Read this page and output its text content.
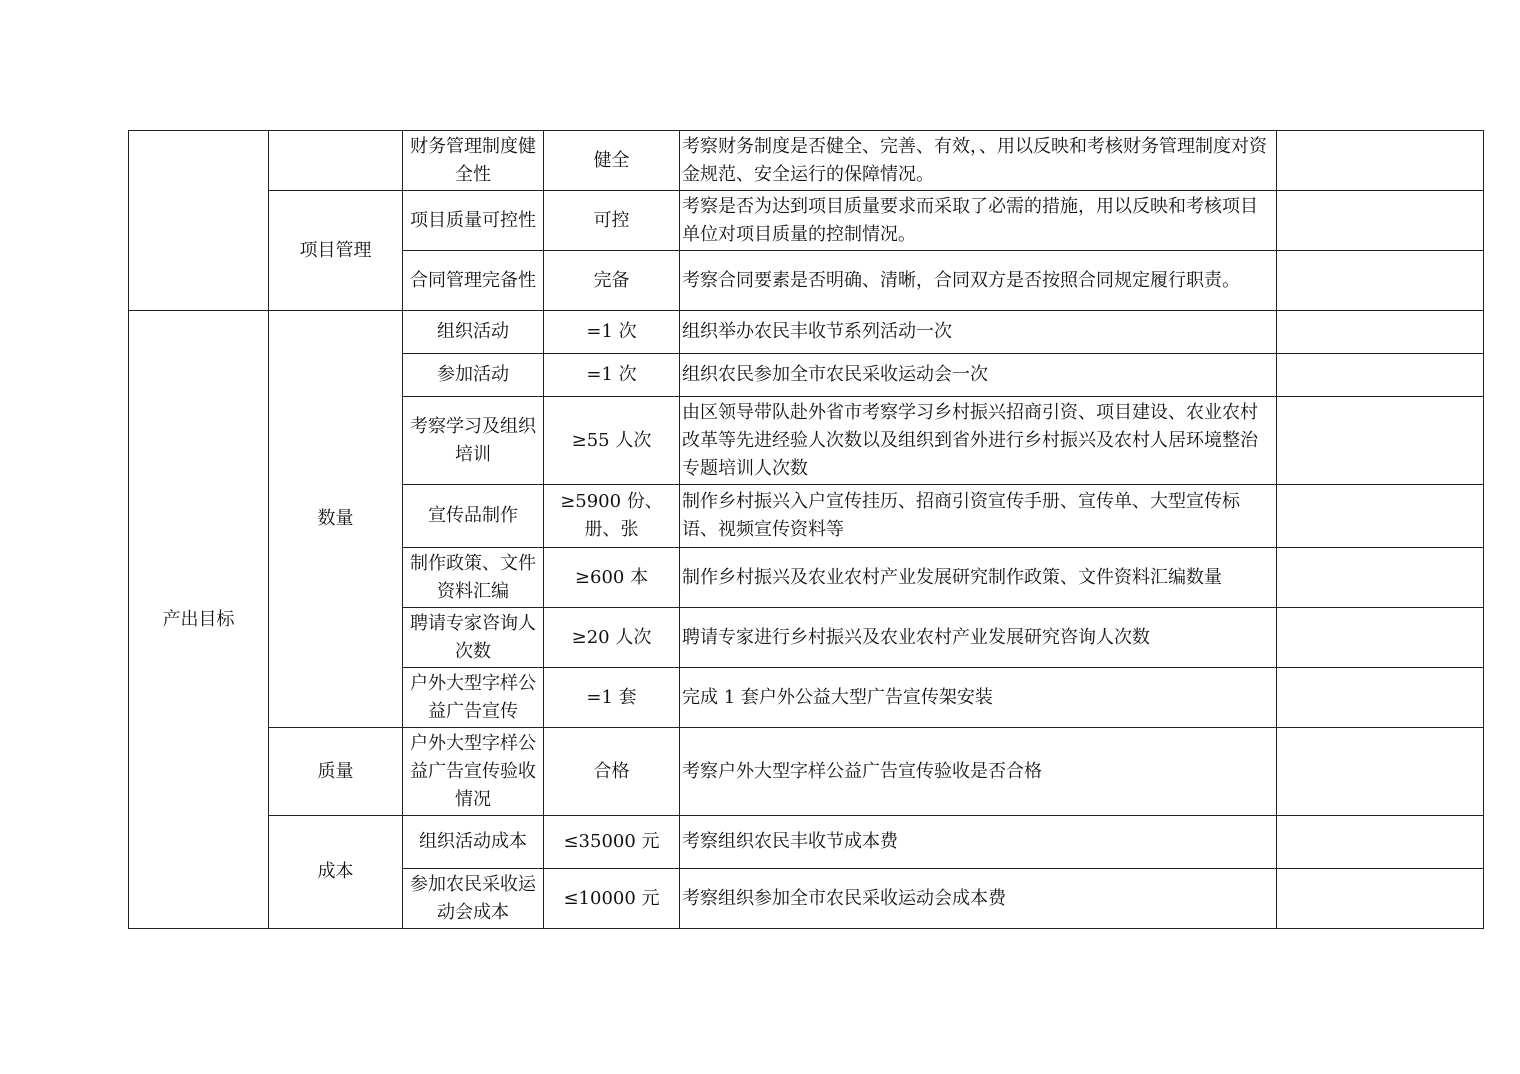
		财务管理制度健全性	健全	考察财务制度是否健全、完善、有效，、用以反映和考核财务管理制度对资金规范、安全运行的保障情况。	
	项目管理	项目质量可控性	可控	考察是否为达到项目质量要求而采取了必需的措施，用以反映和考核项目单位对项目质量的控制情况。	
		合同管理完备性	完备	考察合同要素是否明确、清晰，合同双方是否按照合同规定履行职责。	
产出目标	数量	组织活动	=1 次	组织举办农民丰收节系列活动一次	
		参加活动	=1 次	组织农民参加全市农民采收运动会一次	
		考察学习及组织培训	≥55 人次	由区领导带队赴外省市考察学习乡村振兴招商引资、项目建设、农业农村改革等先进经验人次数以及组织到省外进行乡村振兴及农村人居环境整治专题培训人次数	
		宣传品制作	≥5900 份、册、张	制作乡村振兴入户宣传挂历、招商引资宣传手册、宣传单、大型宣传标语、视频宣传资料等	
		制作政策、文件资料汇编	≥600 本	制作乡村振兴及农业农村产业发展研究制作政策、文件资料汇编数量	
		聘请专家咨询人次数	≥20 人次	聘请专家进行乡村振兴及农业农村产业发展研究咨询人次数	
		户外大型字样公益广告宣传	=1 套	完成 1 套户外公益大型广告宣传架安装	
	质量	户外大型字样公益广告宣传验收情况	合格	考察户外大型字样公益广告宣传验收是否合格	
	成本	组织活动成本	≤35000 元	考察组织农民丰收节成本费	
		参加农民采收运动会成本	≤10000 元	考察组织参加全市农民采收运动会成本费	
